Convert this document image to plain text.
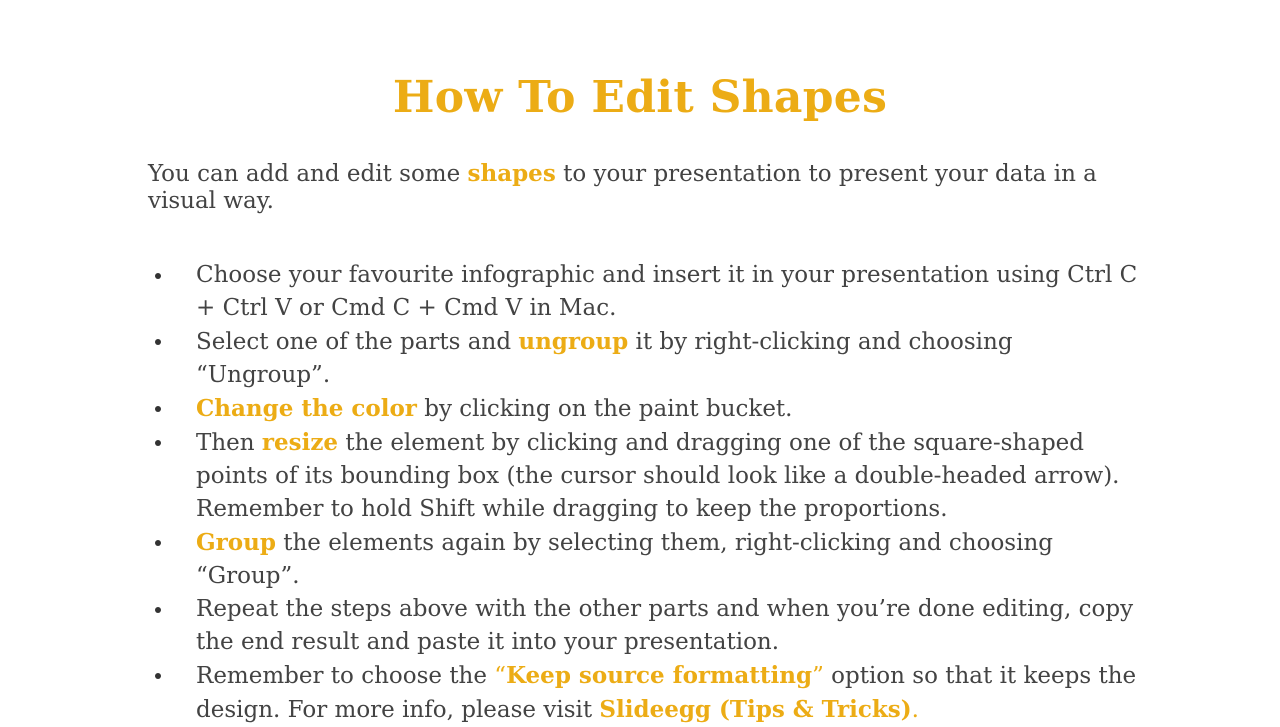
How To Edit Shapes
You can add and edit some shapes to your presentation to present your data in a visual way.
Choose your favourite infographic and insert it in your presentation using Ctrl C + Ctrl V or Cmd C + Cmd V in Mac.
Select one of the parts and ungroup it by right-clicking and choosing “Ungroup”.
Change the color by clicking on the paint bucket.
Then resize the element by clicking and dragging one of the square-shaped points of its bounding box (the cursor should look like a double-headed arrow). Remember to hold Shift while dragging to keep the proportions.
Group the elements again by selecting them, right-clicking and choosing “Group”.
Repeat the steps above with the other parts and when you’re done editing, copy the end result and paste it into your presentation.
Remember to choose the “Keep source formatting” option so that it keeps the design. For more info, please visit Slideegg (Tips & Tricks).
